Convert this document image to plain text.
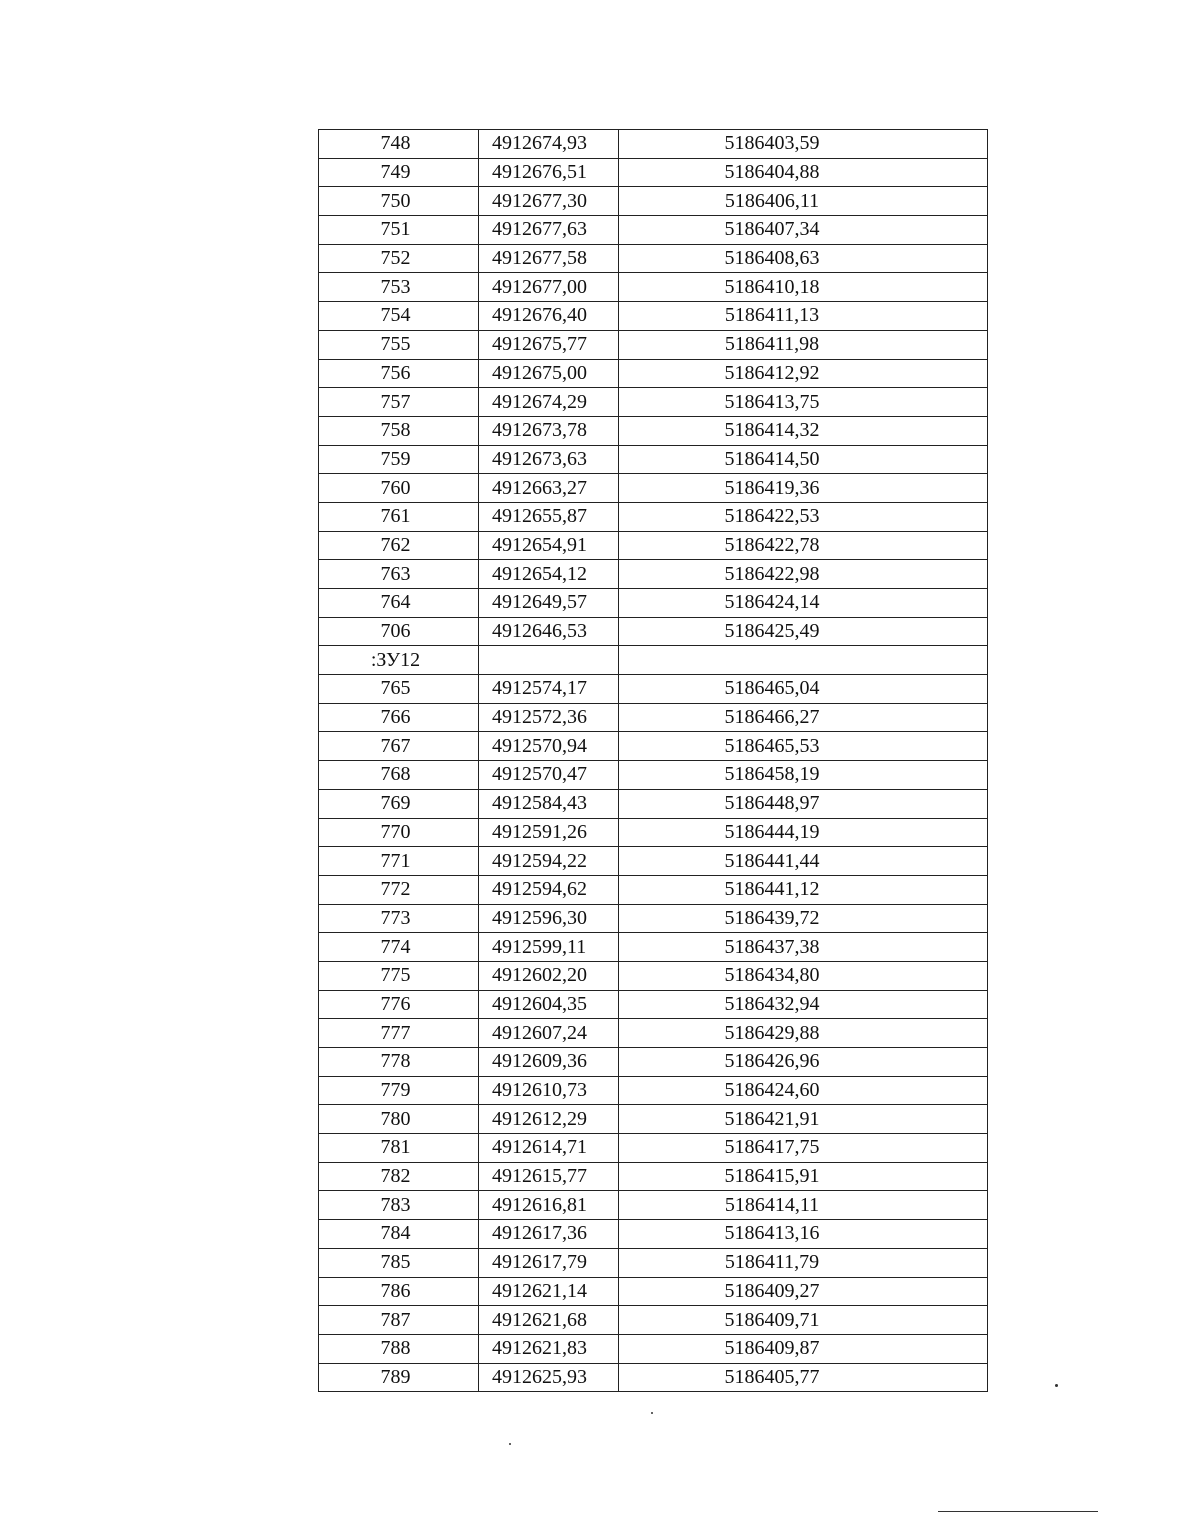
748	4912674,93	5186403,59
749	4912676,51	5186404,88
750	4912677,30	5186406,11
751	4912677,63	5186407,34
752	4912677,58	5186408,63
753	4912677,00	5186410,18
754	4912676,40	5186411,13
755	4912675,77	5186411,98
756	4912675,00	5186412,92
757	4912674,29	5186413,75
758	4912673,78	5186414,32
759	4912673,63	5186414,50
760	4912663,27	5186419,36
761	4912655,87	5186422,53
762	4912654,91	5186422,78
763	4912654,12	5186422,98
764	4912649,57	5186424,14
706	4912646,53	5186425,49
:ЗУ12		
765	4912574,17	5186465,04
766	4912572,36	5186466,27
767	4912570,94	5186465,53
768	4912570,47	5186458,19
769	4912584,43	5186448,97
770	4912591,26	5186444,19
771	4912594,22	5186441,44
772	4912594,62	5186441,12
773	4912596,30	5186439,72
774	4912599,11	5186437,38
775	4912602,20	5186434,80
776	4912604,35	5186432,94
777	4912607,24	5186429,88
778	4912609,36	5186426,96
779	4912610,73	5186424,60
780	4912612,29	5186421,91
781	4912614,71	5186417,75
782	4912615,77	5186415,91
783	4912616,81	5186414,11
784	4912617,36	5186413,16
785	4912617,79	5186411,79
786	4912621,14	5186409,27
787	4912621,68	5186409,71
788	4912621,83	5186409,87
789	4912625,93	5186405,77
